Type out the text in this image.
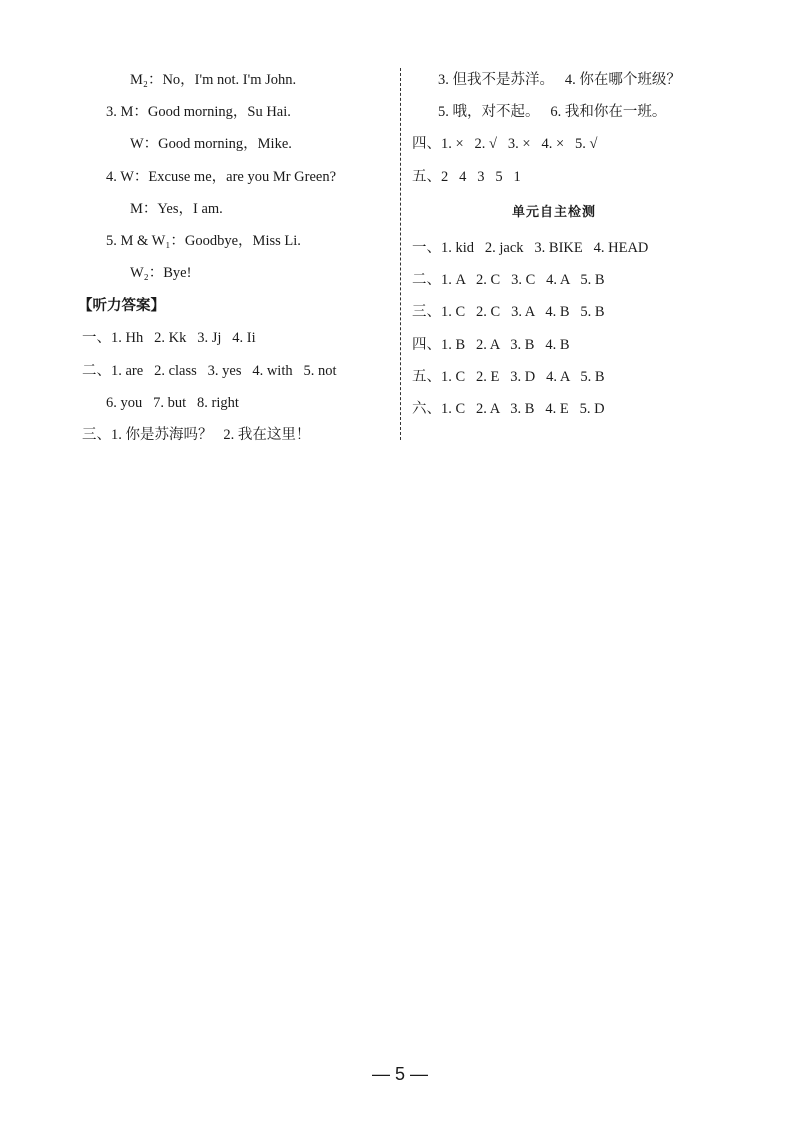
M₂：No，I'm not. I'm John.
3. M：Good morning，Su Hai.
W：Good morning，Mike.
4. W：Excuse me，are you Mr Green?
M：Yes，I am.
5. M & W₁：Goodbye，Miss Li.
W₂：Bye!
【听力答案】
一、1. Hh   2. Kk   3. Jj   4. Ii
二、1. are   2. class   3. yes   4. with   5. not
6. you   7. but   8. right
三、1. 你是苏海吗？   2. 我在这里！
3. 但我不是苏洋。   4. 你在哪个班级？
5. 哦，对不起。   6. 我和你在一班。
四、1. ×   2. √   3. ×   4. ×   5. √
五、2   4   3   5   1
单元自主检测
一、1. kid   2. jack   3. BIKE   4. HEAD
二、1. A   2. C   3. C   4. A   5. B
三、1. C   2. C   3. A   4. B   5. B
四、1. B   2. A   3. B   4. B
五、1. C   2. E   3. D   4. A   5. B
六、1. C   2. A   3. B   4. E   5. D
— 5 —
